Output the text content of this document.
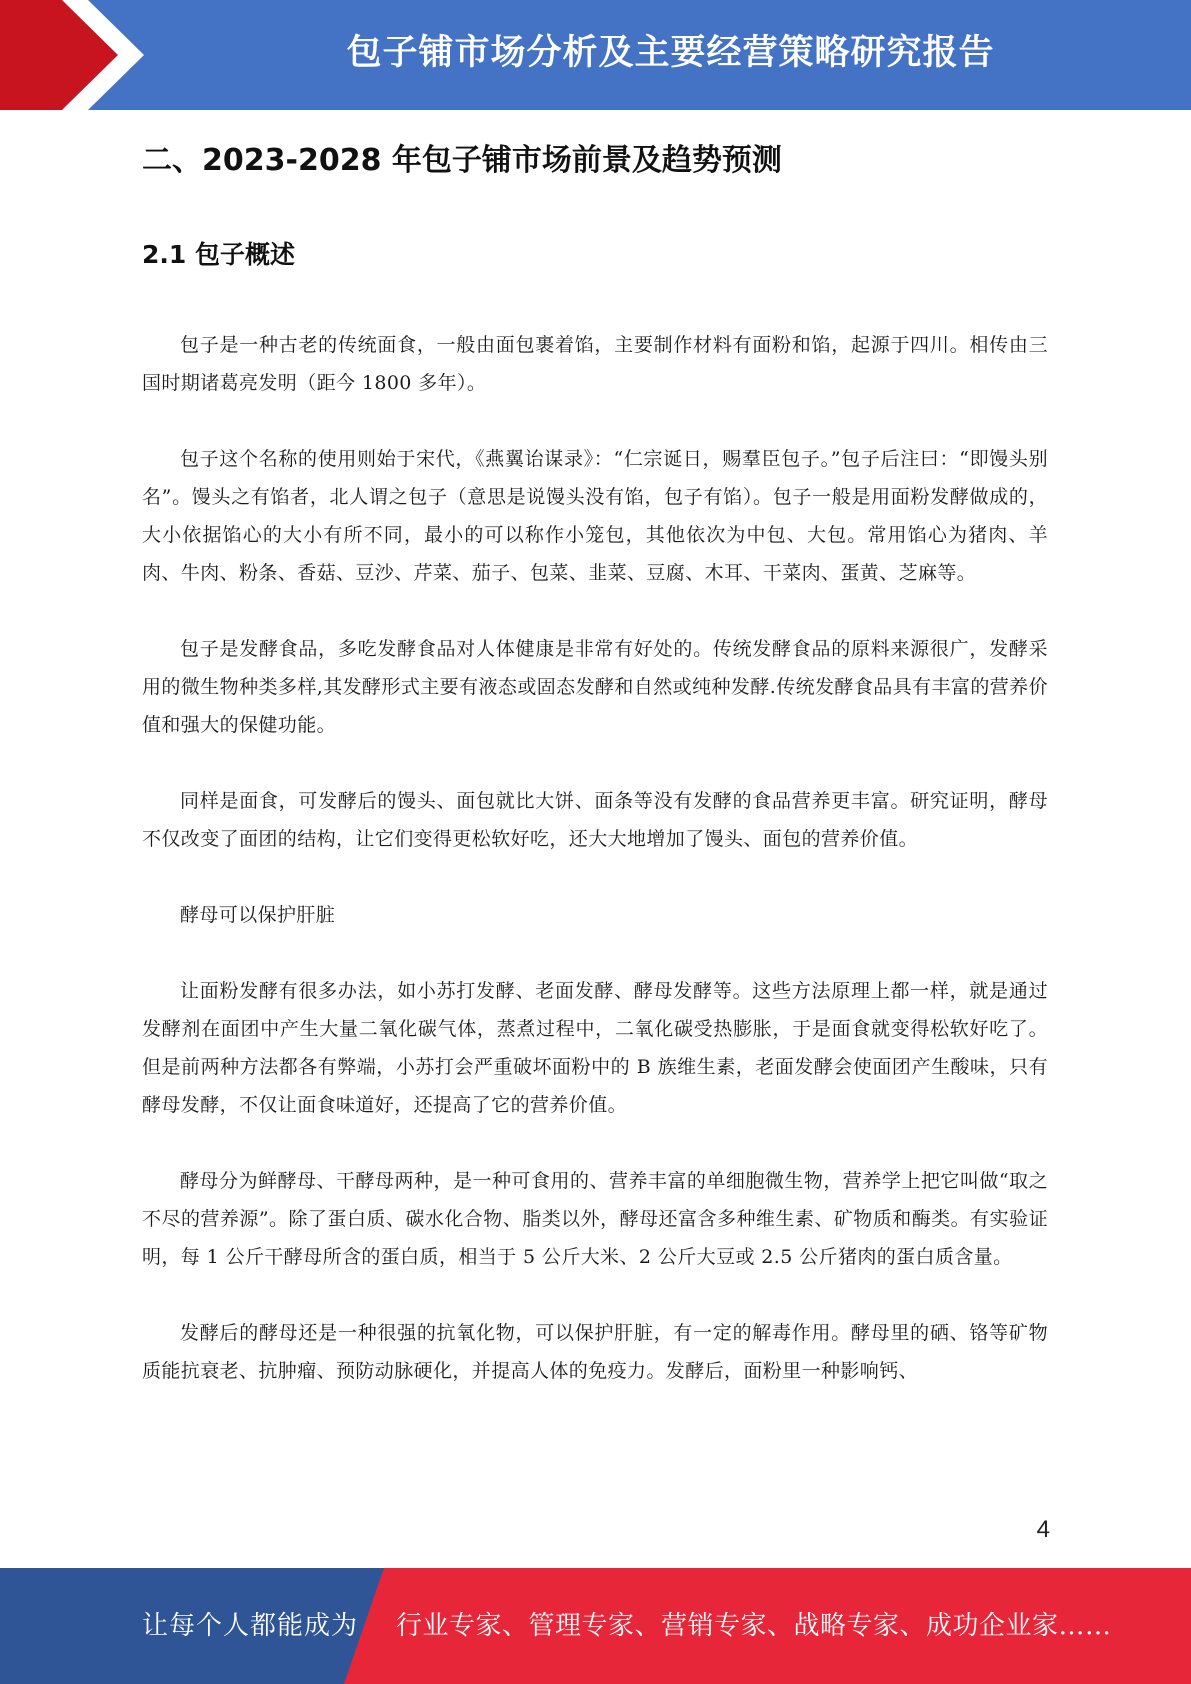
包子铺市场分析及主要经营策略研究报告
二、2023-2028 年包子铺市场前景及趋势预测
2.1 包子概述

包子是一种古老的传统面食，一般由面包裹着馅，主要制作材料有面粉和馅，起源于四川。相传由三国时期诸葛亮发明（距今 1800 多年）。

包子这个名称的使用则始于宋代，《燕翼诒谋录》：“仁宗诞日，赐羣臣包子。”包子后注曰：“即馒头别名”。馒头之有馅者，北人谓之包子（意思是说馒头没有馅，包子有馅）。包子一般是用面粉发酵做成的，大小依据馅心的大小有所不同，最小的可以称作小笼包，其他依次为中包、大包。常用馅心为猪肉、羊肉、牛肉、粉条、香菇、豆沙、芹菜、茄子、包菜、韭菜、豆腐、木耳、干菜肉、蛋黄、芝麻等。

包子是发酵食品，多吃发酵食品对人体健康是非常有好处的。传统发酵食品的原料来源很广，发酵采用的微生物种类多样,其发酵形式主要有液态或固态发酵和自然或纯种发酵.传统发酵食品具有丰富的营养价值和强大的保健功能。

同样是面食，可发酵后的馒头、面包就比大饼、面条等没有发酵的食品营养更丰富。研究证明，酵母不仅改变了面团的结构，让它们变得更松软好吃，还大大地增加了馒头、面包的营养价值。

酵母可以保护肝脏

让面粉发酵有很多办法，如小苏打发酵、老面发酵、酵母发酵等。这些方法原理上都一样，就是通过发酵剂在面团中产生大量二氧化碳气体，蒸煮过程中，二氧化碳受热膨胀，于是面食就变得松软好吃了。但是前两种方法都各有弊端，小苏打会严重破坏面粉中的 B 族维生素，老面发酵会使面团产生酸味，只有酵母发酵，不仅让面食味道好，还提高了它的营养价值。

酵母分为鲜酵母、干酵母两种，是一种可食用的、营养丰富的单细胞微生物，营养学上把它叫做“取之不尽的营养源”。除了蛋白质、碳水化合物、脂类以外，酵母还富含多种维生素、矿物质和酶类。有实验证明，每 1 公斤干酵母所含的蛋白质，相当于 5 公斤大米、2 公斤大豆或 2.5 公斤猪肉的蛋白质含量。

发酵后的酵母还是一种很强的抗氧化物，可以保护肝脏，有一定的解毒作用。酵母里的硒、铬等矿物质能抗衰老、抗肿瘤、预防动脉硬化，并提高人体的免疫力。发酵后，面粉里一种影响钙、

4
让每个人都能成为 行业专家、管理专家、营销专家、战略专家、成功企业家……
